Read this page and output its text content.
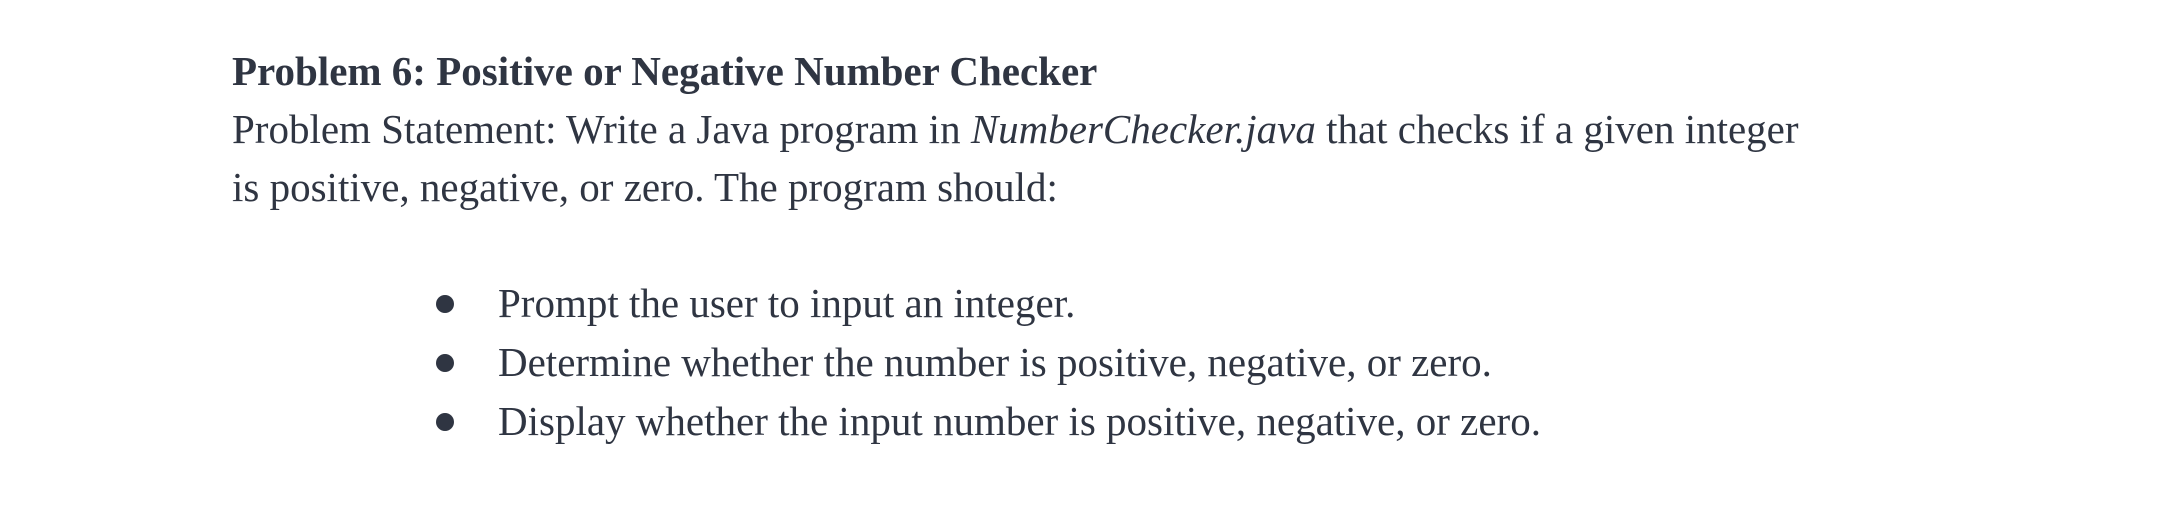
Problem 6: Positive or Negative Number Checker

Problem Statement: Write a Java program in NumberChecker.java that checks if a given integer
is positive, negative, or zero. The program should:

Prompt the user to input an integer.
Determine whether the number is positive, negative, or zero.
Display whether the input number is positive, negative, or zero.
